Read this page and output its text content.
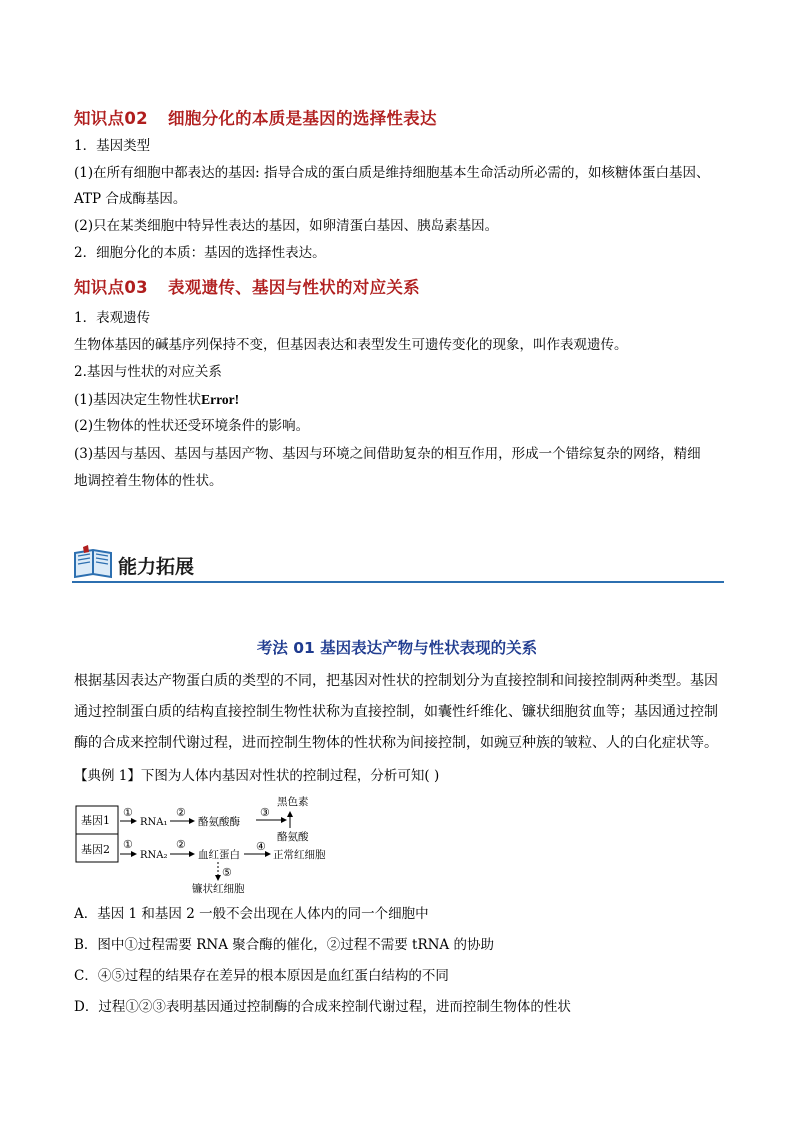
知识点02 细胞分化的本质是基因的选择性表达
1．基因类型
(1)在所有细胞中都表达的基因: 指导合成的蛋白质是维持细胞基本生命活动所必需的，如核糖体蛋白基因、
ATP 合成酶基因。
(2)只在某类细胞中特异性表达的基因，如卵清蛋白基因、胰岛素基因。
2．细胞分化的本质：基因的选择性表达。
知识点03 表观遗传、基因与性状的对应关系
1．表观遗传
生物体基因的碱基序列保持不变，但基因表达和表型发生可遗传变化的现象，叫作表观遗传。
2.基因与性状的对应关系
(1)基因决定生物性状Error!
(2)生物体的性状还受环境条件的影响。
(3)基因与基因、基因与基因产物、基因与环境之间借助复杂的相互作用，形成一个错综复杂的网络，精细
地调控着生物体的性状。
能力拓展
考法 01 基因表达产物与性状表现的关系
根据基因表达产物蛋白质的类型的不同，把基因对性状的控制划分为直接控制和间接控制两种类型。基因
通过控制蛋白质的结构直接控制生物性状称为直接控制，如囊性纤维化、镰状细胞贫血等；基因通过控制
酶的合成来控制代谢过程，进而控制生物体的性状称为间接控制，如豌豆种族的皱粒、人的白化症状等。
【典例 1】下图为人体内基因对性状的控制过程，分析可知( )
基因1
基因2
①
RNA₁
②
酪氨酸酶
黑色素
③
酪氨酸
①
RNA₂
②
血红蛋白
④
正常红细胞
⑤
镰状红细胞
A．基因 1 和基因 2 一般不会出现在人体内的同一个细胞中
B．图中①过程需要 RNA 聚合酶的催化，②过程不需要 tRNA 的协助
C．④⑤过程的结果存在差异的根本原因是血红蛋白结构的不同
D．过程①②③表明基因通过控制酶的合成来控制代谢过程，进而控制生物体的性状
